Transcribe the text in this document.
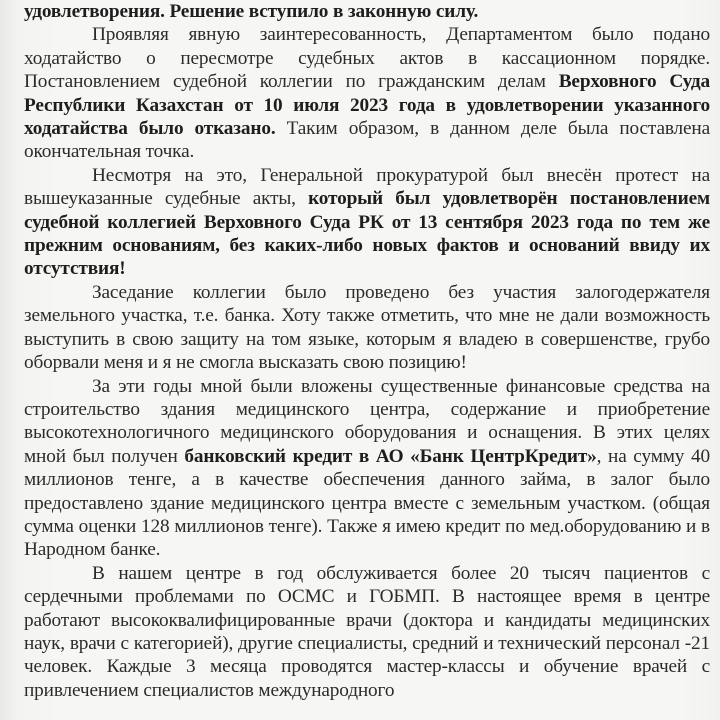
удовлетворения. Решение вступило в законную силу.

Проявляя явную заинтересованность, Департаментом было подано ходатайство о пересмотре судебных актов в кассационном порядке. Постановлением судебной коллегии по гражданским делам Верховного Суда Республики Казахстан от 10 июля 2023 года в удовлетворении указанного ходатайства было отказано. Таким образом, в данном деле была поставлена окончательная точка.

Несмотря на это, Генеральной прокуратурой был внесён протест на вышеуказанные судебные акты, который был удовлетворён постановлением судебной коллегией Верховного Суда РК от 13 сентября 2023 года по тем же прежним основаниям, без каких-либо новых фактов и оснований ввиду их отсутствия!

Заседание коллегии было проведено без участия залогодержателя земельного участка, т.е. банка. Хоту также отметить, что мне не дали возможность выступить в свою защиту на том языке, которым я владею в совершенстве, грубо оборвали меня и я не смогла высказать свою позицию!

За эти годы мной были вложены существенные финансовые средства на строительство здания медицинского центра, содержание и приобретение высокотехнологичного медицинского оборудования и оснащения. В этих целях мной был получен банковский кредит в АО «Банк ЦентрКредит», на сумму 40 миллионов тенге, а в качестве обеспечения данного займа, в залог было предоставлено здание медицинского центра вместе с земельным участком. (общая сумма оценки 128 миллионов тенге). Также я имею кредит по мед.оборудованию и в Народном банке.

В нашем центре в год обслуживается более 20 тысяч пациентов с сердечными проблемами по ОСМС и ГОБМП. В настоящее время в центре работают высококвалифицированные врачи (доктора и кандидаты медицинских наук, врачи с категорией), другие специалисты, средний и технический персонал -21 человек. Каждые 3 месяца проводятся мастер-классы и обучение врачей с привлечением специалистов международного
